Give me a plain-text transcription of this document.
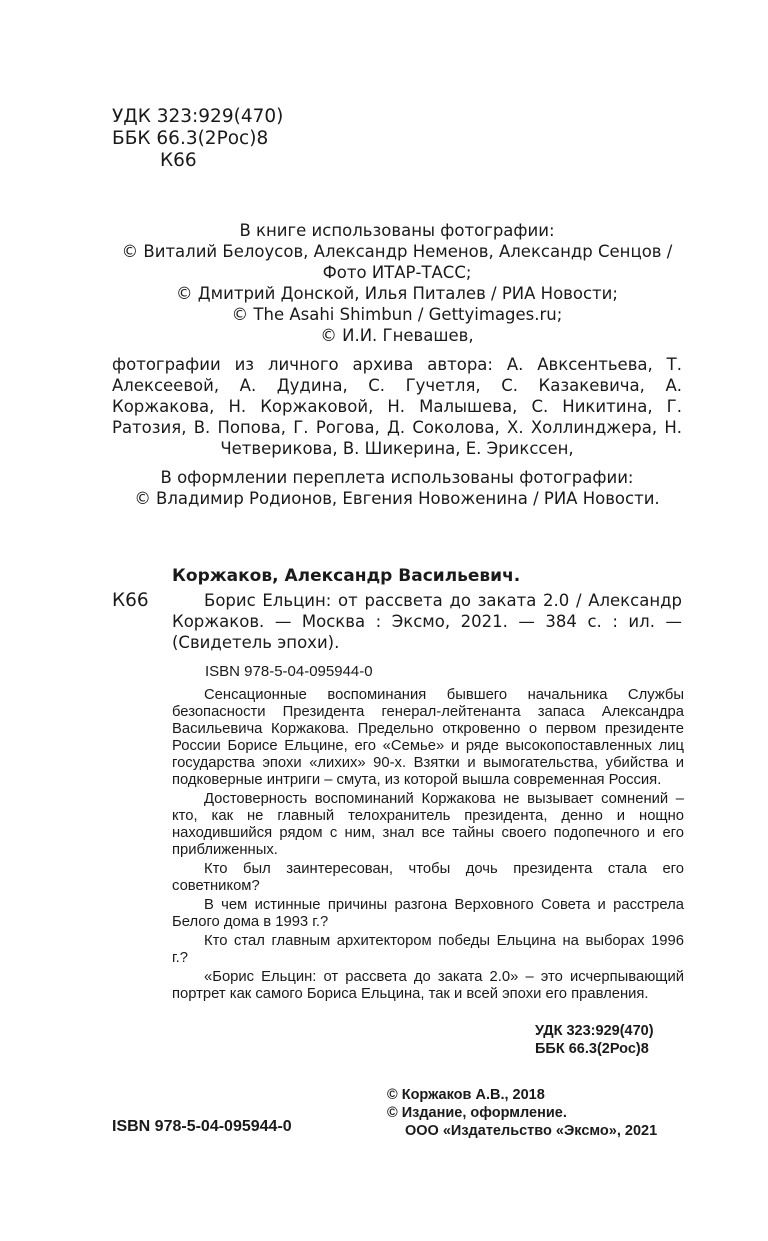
УДК 323:929(470)
ББК 66.3(2Рос)8
К66

В книге использованы фотографии:

© Виталий Белоусов, Александр Неменов, Александр Сенцов /

Фото ИТАР-ТАСС;

© Дмитрий Донской, Илья Питалев / РИА Новости;

© The Asahi Shimbun / Gettyimages.ru;

© И.И. Гневашев,

фотографии из личного архива автора: А. Авксентьева, Т. Алексеевой, А. Дудина, С. Гучетля, С. Казакевича, А. Коржакова, Н. Коржаковой, Н. Малышева, С. Никитина, Г. Ратозия, В. Попова, Г. Рогова, Д. Соколова, Х. Холлинджера, Н. Четверикова, В. Шикерина, Е. Эрикссен,

В оформлении переплета использованы фотографии:

© Владимир Родионов, Евгения Новоженина / РИА Новости.

Коржаков, Александр Васильевич.
К66	Борис Ельцин: от рассвета до заката 2.0 / Александр Коржаков. — Москва : Эксмо, 2021. — 384 с. : ил. — (Свидетель эпохи).
ISBN 978-5-04-095944-0

Сенсационные воспоминания бывшего начальника Службы безопасности Президента генерал-лейтенанта запаса Александра Васильевича Коржакова. Предельно откровенно о первом президенте России Борисе Ельцине, его «Семье» и ряде высокопоставленных лиц государства эпохи «лихих» 90-х. Взятки и вымогательства, убийства и подковерные интриги – смута, из которой вышла современная Россия.

Достоверность воспоминаний Коржакова не вызывает сомнений – кто, как не главный телохранитель президента, денно и нощно находившийся рядом с ним, знал все тайны своего подопечного и его приближенных.

Кто был заинтересован, чтобы дочь президента стала его советником?

В чем истинные причины разгона Верховного Совета и расстрела Белого дома в 1993 г.?

Кто стал главным архитектором победы Ельцина на выборах 1996 г.?

«Борис Ельцин: от рассвета до заката 2.0» – это исчерпывающий портрет как самого Бориса Ельцина, так и всей эпохи его правления.

УДК 323:929(470)
ББК 66.3(2Рос)8
© Коржаков А.В., 2018
© Издание, оформление.
ООО «Издательство «Эксмо», 2021
ISBN 978-5-04-095944-0
